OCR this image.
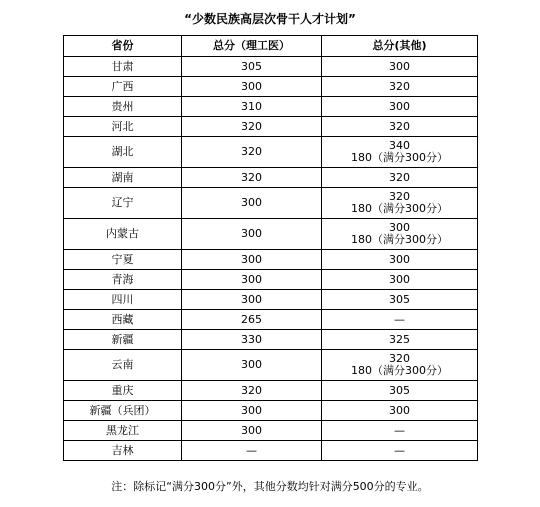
“少数民族高层次骨干人才计划”
省份	总分（理工医）	总分(其他)
甘肃	305	300

广西	300	320

贵州	310	300

河北	320	320

湖北	320	340
180（满分300分）

湖南	320	320

辽宁	300	320
180（满分300分）

内蒙古	300	300
180（满分300分）

宁夏	300	300

青海	300	300

四川	300	305

西藏	265	—

新疆	330	325

云南	300	320
180（满分300分）

重庆	320	305

新疆（兵团）	300	300

黑龙江	300	—

吉林	—	—
注：除标记“满分300分”外，其他分数均针对满分500分的专业。
